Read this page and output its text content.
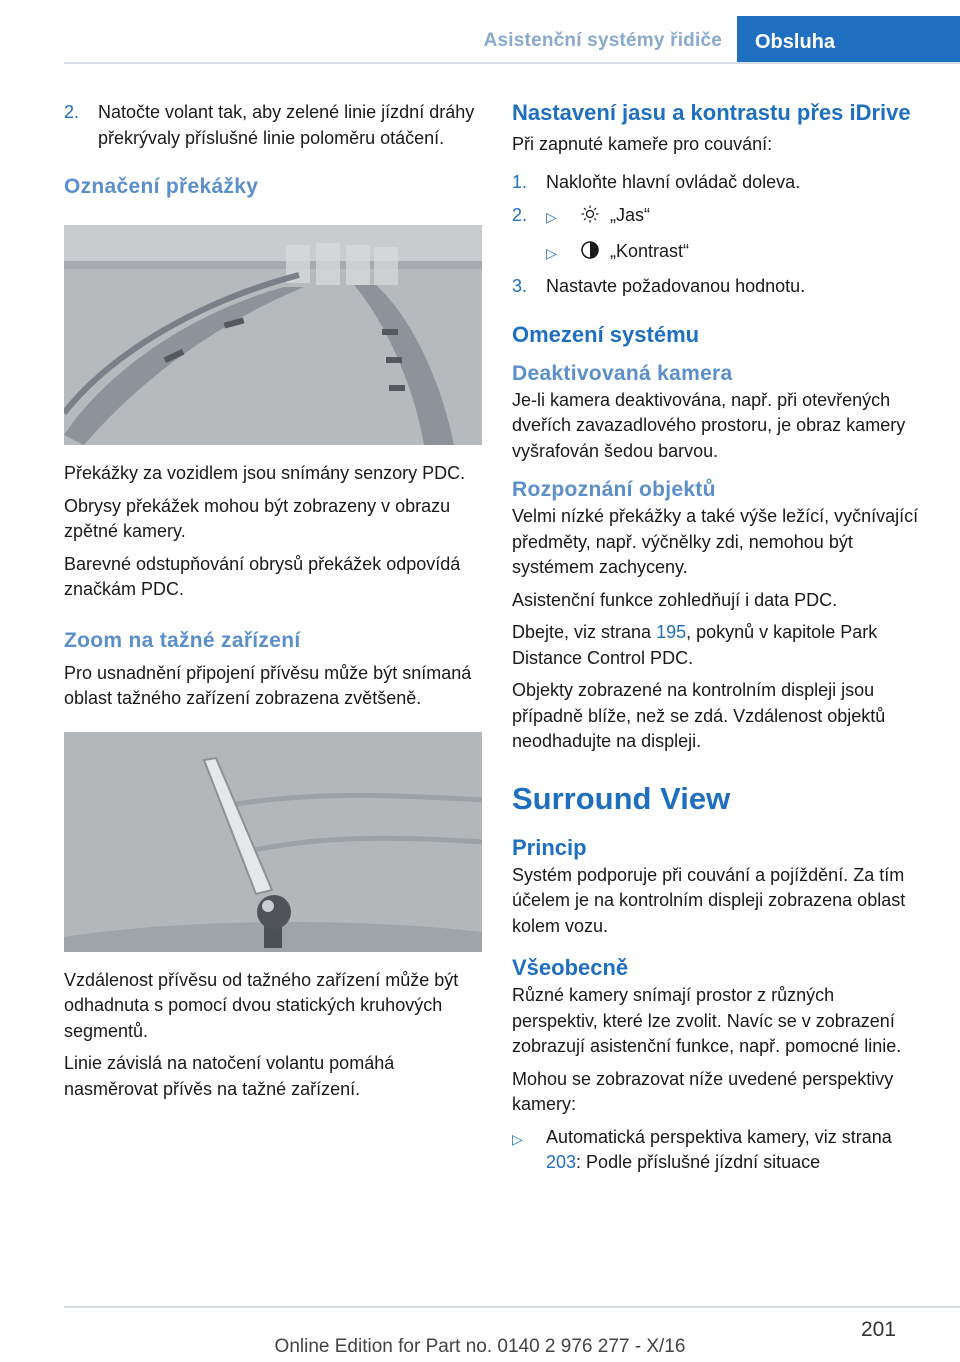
Asistenční systémy řidiče	Obsluha
2.	Natočte volant tak, aby zelené linie jízdní dráhy překrývaly příslušné linie poloměru otáčení.
Označení překážky

Překážky za vozidlem jsou snímány senzory PDC.

Obrysy překážek mohou být zobrazeny v obrazu zpětné kamery.

Barevné odstupňování obrysů překážek odpovídá značkám PDC.

Zoom na tažné zařízení

Pro usnadnění připojení přívěsu může být snímaná oblast tažného zařízení zobrazena zvětšeně.

Vzdálenost přívěsu od tažného zařízení může být odhadnuta s pomocí dvou statických kruhových segmentů.

Linie závislá na natočení volantu pomáhá nasměrovat přívěs na tažné zařízení.

Nastavení jasu a kontrastu přes iDrive

Při zapnuté kameře pro couvání:

1.	Nakloňte hlavní ovládač doleva.
2.	▷	„Jas“
▷	„Kontrast“
3.	Nastavte požadovanou hodnotu.
Omezení systému
Deaktivovaná kamera

Je-li kamera deaktivována, např. při otevřených dveřích zavazadlového prostoru, je obraz kamery vyšrafován šedou barvou.

Rozpoznání objektů

Velmi nízké překážky a také výše ležící, vyčnívající předměty, např. výčnělky zdi, nemohou být systémem zachyceny.

Asistenční funkce zohledňují i data PDC.

Dbejte, viz strana 195, pokynů v kapitole Park Distance Control PDC.

Objekty zobrazené na kontrolním displeji jsou případně blíže, než se zdá. Vzdálenost objektů neodhadujte na displeji.

Surround View
Princip

Systém podporuje při couvání a pojíždění. Za tím účelem je na kontrolním displeji zobrazena oblast kolem vozu.

Všeobecně

Různé kamery snímají prostor z různých perspektiv, které lze zvolit. Navíc se v zobrazení zobrazují asistenční funkce, např. pomocné linie.

Mohou se zobrazovat níže uvedené perspektivy kamery:

▷	Automatická perspektiva kamery, viz strana 203: Podle příslušné jízdní situace
201
Online Edition for Part no. 0140 2 976 277 - X/16
